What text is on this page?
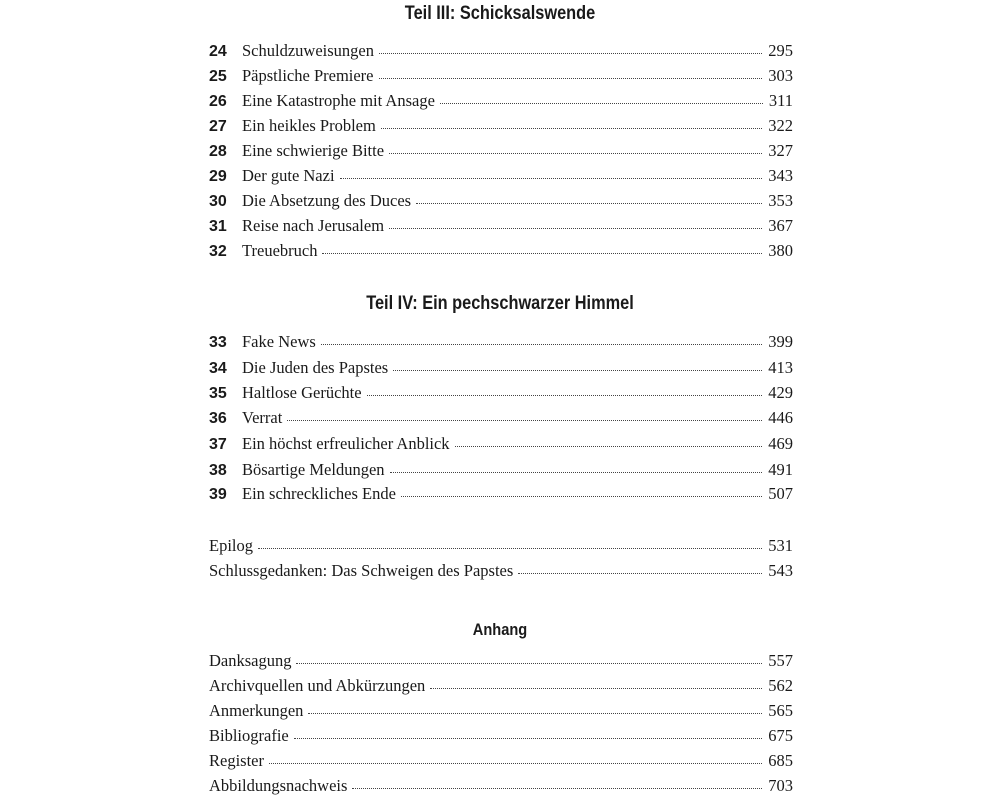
Teil III: Schicksalswende
24 Schuldzuweisungen	295
25 Päpstliche Premiere	303
26 Eine Katastrophe mit Ansage	311
27 Ein heikles Problem	322
28 Eine schwierige Bitte	327
29 Der gute Nazi	343
30 Die Absetzung des Duces	353
31 Reise nach Jerusalem	367
32 Treuebruch	380
Teil IV: Ein pechschwarzer Himmel
33 Fake News	399
34 Die Juden des Papstes	413
35 Haltlose Gerüchte	429
36 Verrat	446
37 Ein höchst erfreulicher Anblick	469
38 Bösartige Meldungen	491
39 Ein schreckliches Ende	507
Epilog	531
Schlussgedanken: Das Schweigen des Papstes	543
Anhang
Danksagung	557
Archivquellen und Abkürzungen	562
Anmerkungen	565
Bibliografie	675
Register	685
Abbildungsnachweis	703
